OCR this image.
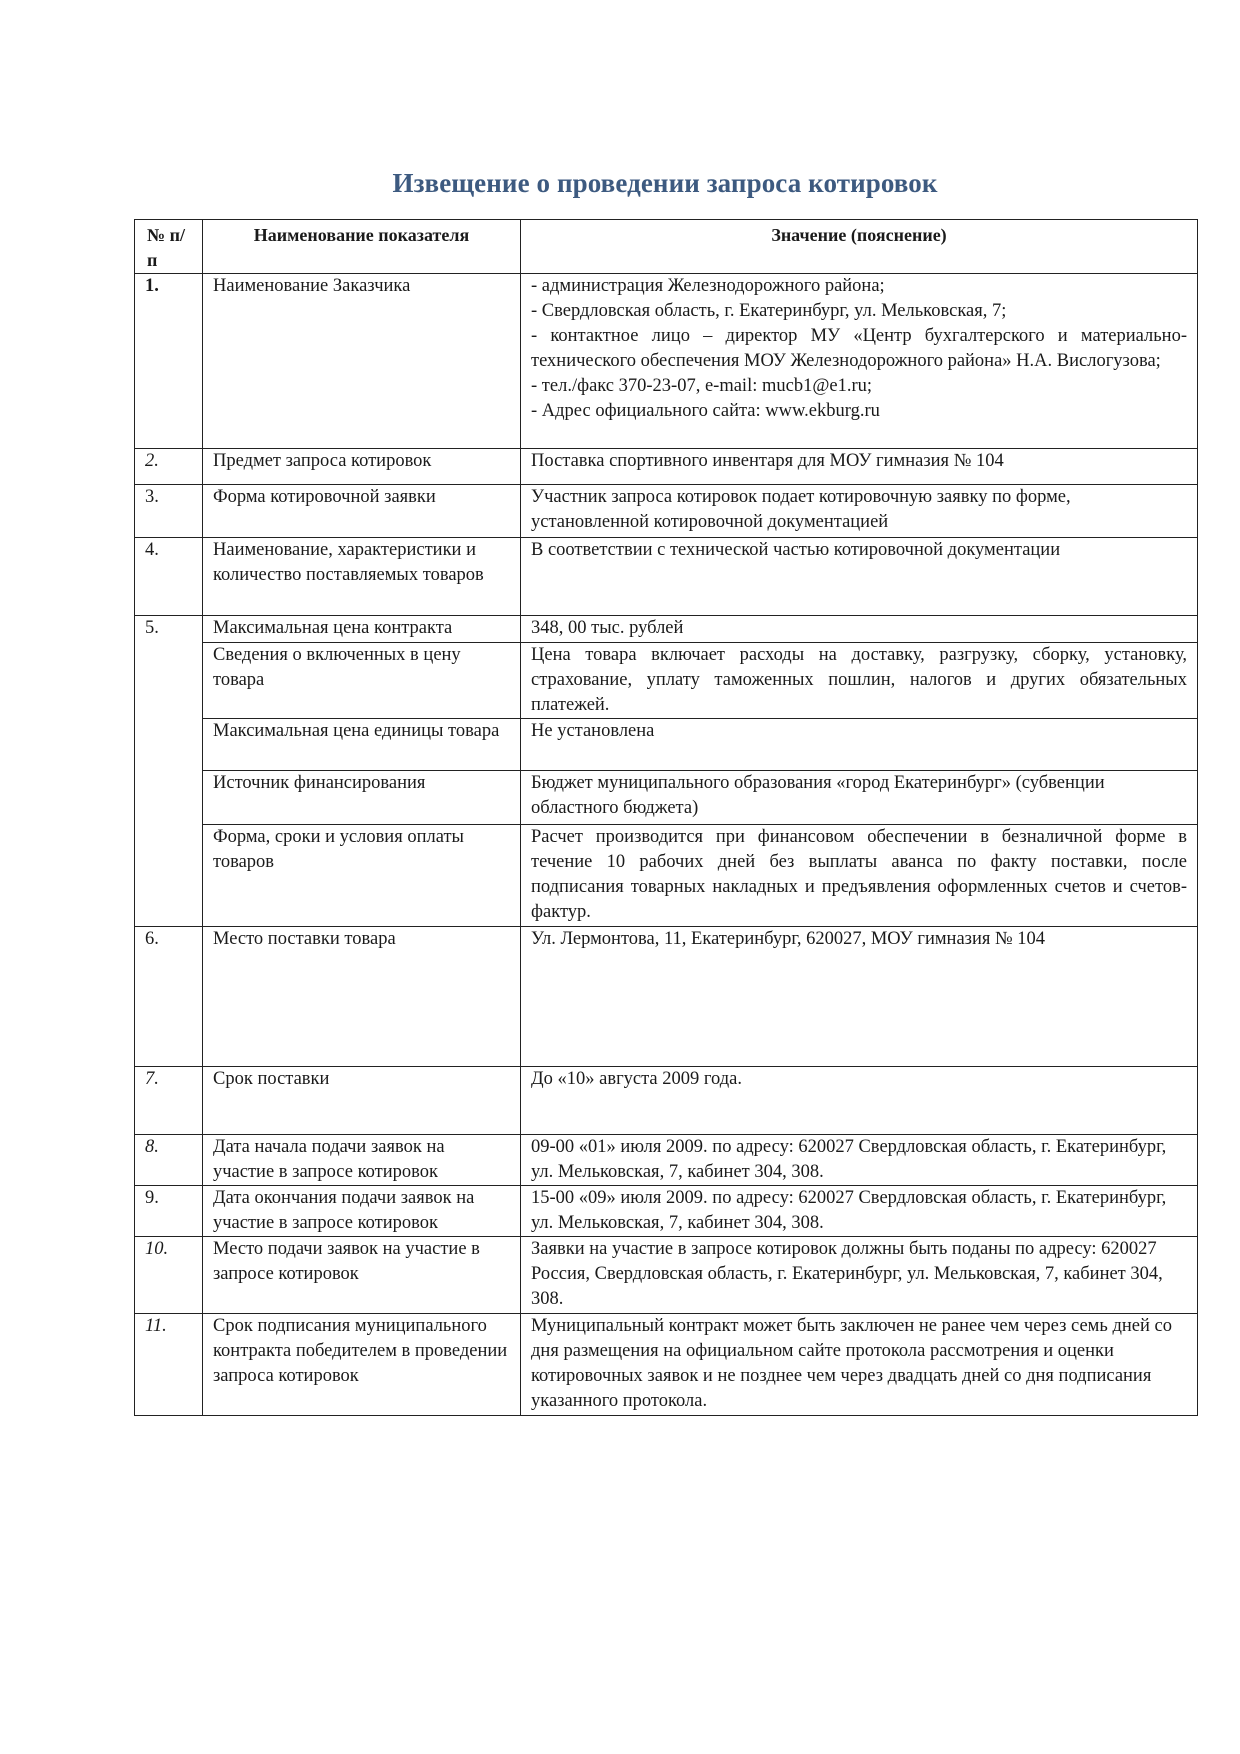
Извещение о проведении запроса котировок
№ п/п	Наименование показателя	Значение (пояснение)
1.	Наименование Заказчика	- администрация Железнодорожного района;
- Свердловская область, г. Екатеринбург, ул. Мельковская, 7;
- контактное лицо – директор МУ «Центр бухгалтерского и материально-технического обеспечения МОУ Железнодорожного района» Н.А. Вислогузова;
- тел./факс 370-23-07, e-mail: mucb1@e1.ru;
- Адрес официального сайта: www.ekburg.ru

2.	Предмет запроса котировок	Поставка спортивного инвентаря для МОУ гимназия № 104
3.	Форма котировочной заявки	Участник запроса котировок подает котировочную заявку по форме, установленной котировочной документацией
4.	Наименование, характеристики и количество поставляемых товаров	В соответствии с технической частью котировочной документации
5.	Максимальная цена контракта	348, 00 тыс. рублей
	Сведения о включенных в цену товара	Цена товара включает расходы на доставку, разгрузку, сборку, установку, страхование, уплату таможенных пошлин, налогов и других обязательных платежей.
	Максимальная цена единицы товара	Не установлена
	Источник финансирования	Бюджет муниципального образования «город Екатеринбург» (субвенции областного бюджета)
	Форма, сроки и условия оплаты товаров	Расчет производится при финансовом обеспечении в безналичной форме в течение 10 рабочих дней без выплаты аванса по факту поставки, после подписания товарных накладных и предъявления оформленных счетов и счетов-фактур.
6.	Место поставки товара	Ул. Лермонтова, 11, Екатеринбург, 620027, МОУ гимназия № 104
7.	Срок поставки	До «10» августа 2009 года.
8.	Дата начала подачи заявок на участие в запросе котировок	09-00 «01» июля 2009. по адресу: 620027 Свердловская область, г. Екатеринбург, ул. Мельковская, 7, кабинет 304, 308.
9.	Дата окончания подачи заявок на участие в запросе котировок	15-00 «09» июля 2009. по адресу: 620027 Свердловская область, г. Екатеринбург, ул. Мельковская, 7, кабинет 304, 308.
10.	Место подачи заявок на участие в запросе котировок	Заявки на участие в запросе котировок должны быть поданы по адресу: 620027 Россия, Свердловская область, г. Екатеринбург, ул. Мельковская, 7, кабинет 304, 308.
11.	Срок подписания муниципального контракта победителем в проведении запроса котировок	Муниципальный контракт может быть заключен не ранее чем через семь дней со дня размещения на официальном сайте протокола рассмотрения и оценки котировочных заявок и не позднее чем через двадцать дней со дня подписания указанного протокола.
